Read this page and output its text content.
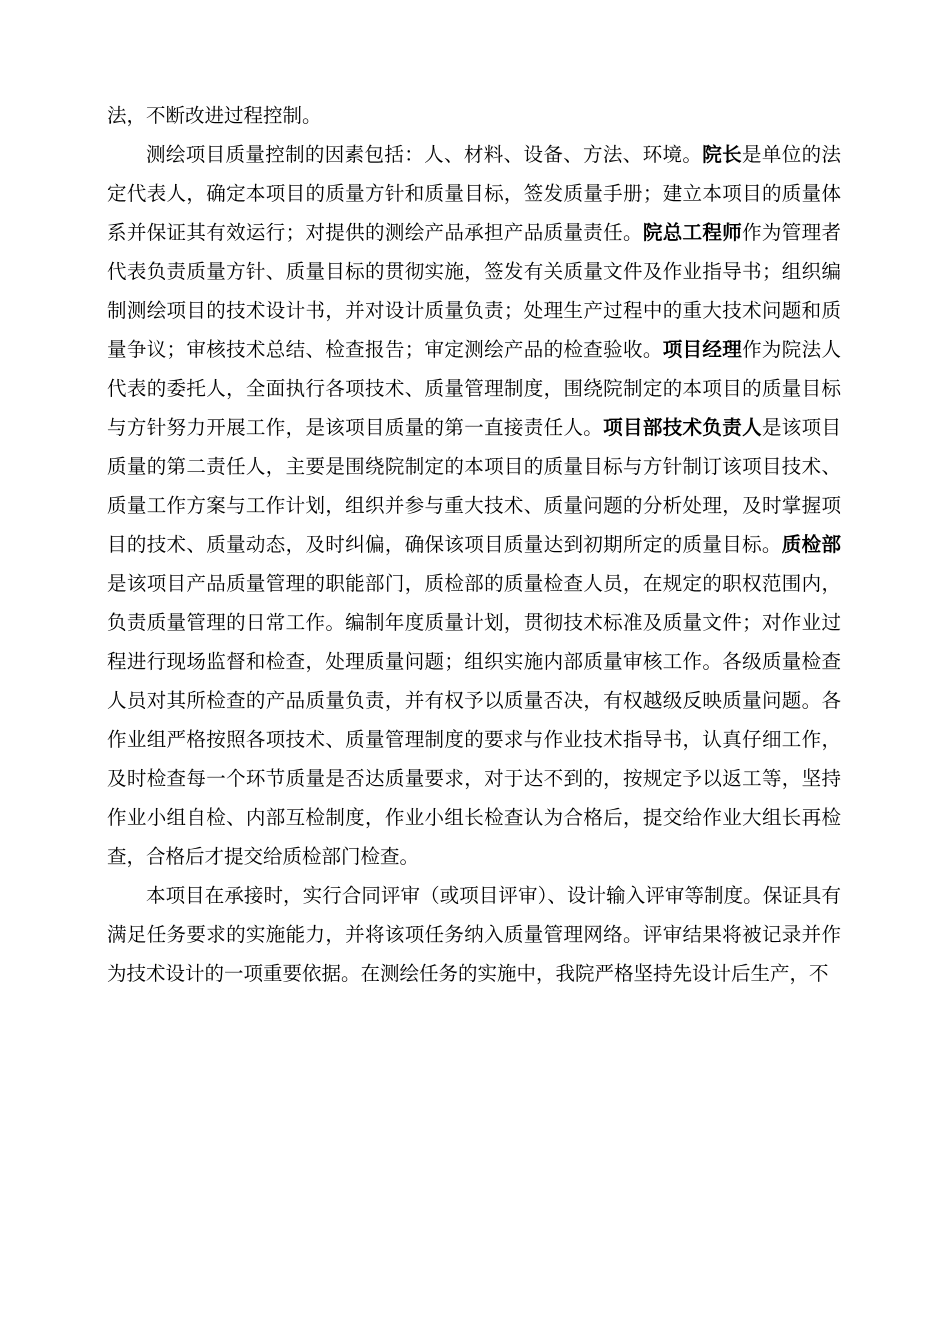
法，不断改进过程控制。

测绘项目质量控制的因素包括：人、材料、设备、方法、环境。院长是单位的法定代表人，确定本项目的质量方针和质量目标，签发质量手册；建立本项目的质量体系并保证其有效运行；对提供的测绘产品承担产品质量责任。院总工程师作为管理者代表负责质量方针、质量目标的贯彻实施，签发有关质量文件及作业指导书；组织编制测绘项目的技术设计书，并对设计质量负责；处理生产过程中的重大技术问题和质量争议；审核技术总结、检查报告；审定测绘产品的检查验收。项目经理作为院法人代表的委托人，全面执行各项技术、质量管理制度，围绕院制定的本项目的质量目标与方针努力开展工作，是该项目质量的第一直接责任人。项目部技术负责人是该项目质量的第二责任人，主要是围绕院制定的本项目的质量目标与方针制订该项目技术、质量工作方案与工作计划，组织并参与重大技术、质量问题的分析处理，及时掌握项目的技术、质量动态，及时纠偏，确保该项目质量达到初期所定的质量目标。质检部是该项目产品质量管理的职能部门，质检部的质量检查人员，在规定的职权范围内，负责质量管理的日常工作。编制年度质量计划，贯彻技术标准及质量文件；对作业过程进行现场监督和检查，处理质量问题；组织实施内部质量审核工作。各级质量检查人员对其所检查的产品质量负责，并有权予以质量否决，有权越级反映质量问题。各作业组严格按照各项技术、质量管理制度的要求与作业技术指导书，认真仔细工作，及时检查每一个环节质量是否达质量要求，对于达不到的，按规定予以返工等，坚持作业小组自检、内部互检制度，作业小组长检查认为合格后，提交给作业大组长再检查，合格后才提交给质检部门检查。

本项目在承接时，实行合同评审（或项目评审）、设计输入评审等制度。保证具有满足任务要求的实施能力，并将该项任务纳入质量管理网络。评审结果将被记录并作为技术设计的一项重要依据。在测绘任务的实施中，我院严格坚持先设计后生产，不
